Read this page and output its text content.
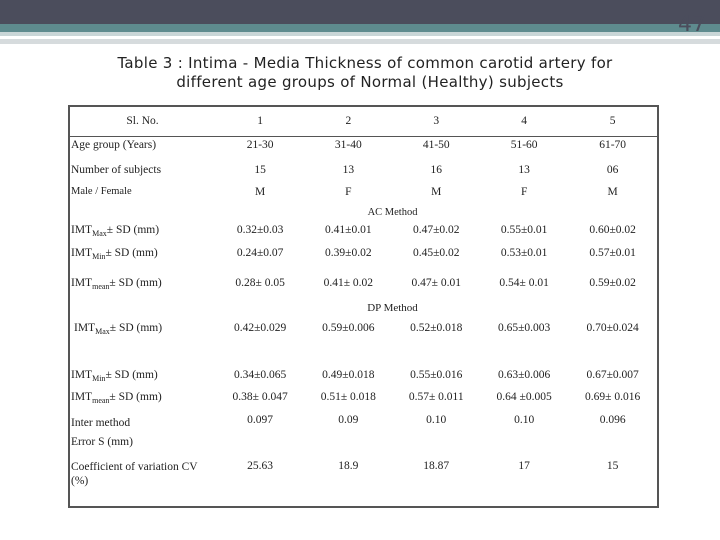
47
Table 3 : Intima - Media Thickness of common carotid artery for
different age groups of Normal (Healthy) subjects
Sl. No.	1	2	3	4	5
Age group (Years)	21-30	31-40	41-50	51-60	61-70
Number of subjects	15	13	16	13	06
Male / Female	M	F	M	F	M
AC Method					
$IMT_{Max}\pm$ SD (mm)	0.32±0.03	0.41±0.01	0.47±0.02	0.55±0.01	0.60±0.02
$IMT_{Min}\pm$ SD (mm)	0.24±0.07	0.39±0.02	0.45±0.02	0.53±0.01	0.57±0.01
$IMT_{mean}\pm$ SD (mm)	0.28± 0.05	0.41± 0.02	0.47± 0.01	0.54± 0.01	0.59±0.02
DP Method					
$IMT_{Max}\pm$ SD (mm)	0.42±0.029	0.59±0.006	0.52±0.018	0.65±0.003	0.70±0.024
$IMT_{Min}\pm$ SD (mm)	0.34±0.065	0.49±0.018	0.55±0.016	0.63±0.006	0.67±0.007
$IMT_{mean}\pm$ SD (mm)	0.38± 0.047	0.51± 0.018	0.57± 0.011	0.64 ±0.005	0.69± 0.016
Inter method
Error S (mm)	0.097	0.09	0.10	0.10	0.096
Coefficient of variation CV
(%)	25.63	18.9	18.87	17	15
